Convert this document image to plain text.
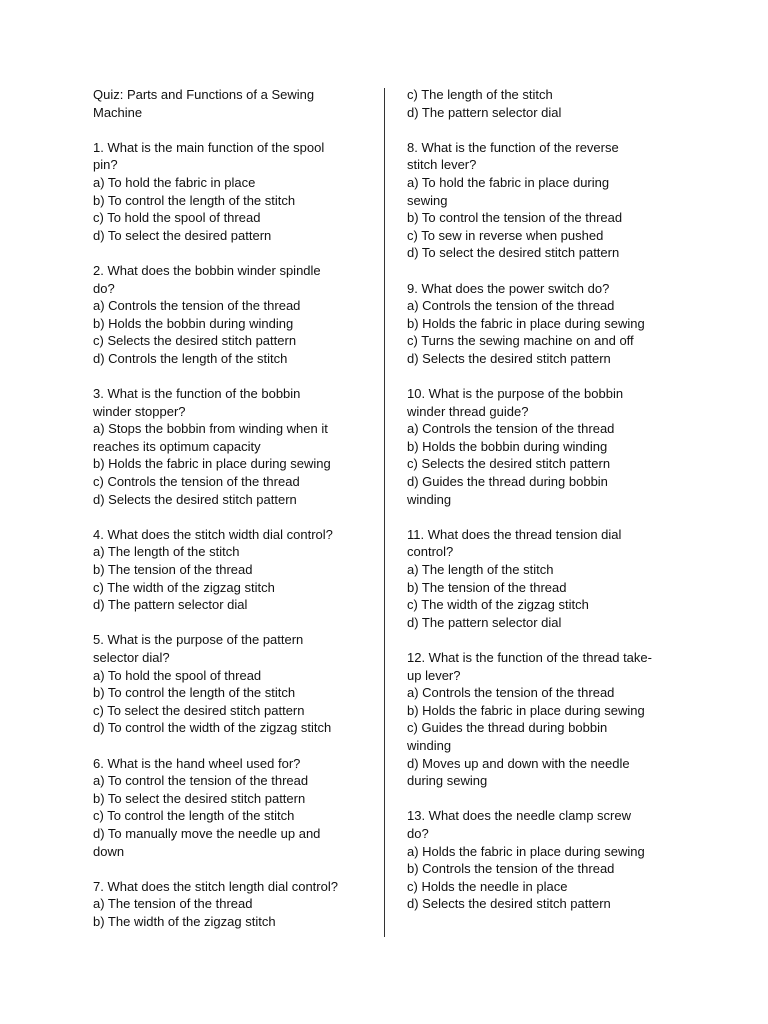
Quiz: Parts and Functions of a Sewing
Machine
1. What is the main function of the spool
pin?
a) To hold the fabric in place
b) To control the length of the stitch
c) To hold the spool of thread
d) To select the desired pattern
2. What does the bobbin winder spindle
do?
a) Controls the tension of the thread
b) Holds the bobbin during winding
c) Selects the desired stitch pattern
d) Controls the length of the stitch
3. What is the function of the bobbin
winder stopper?
a) Stops the bobbin from winding when it
reaches its optimum capacity
b) Holds the fabric in place during sewing
c) Controls the tension of the thread
d) Selects the desired stitch pattern
4. What does the stitch width dial control?
a) The length of the stitch
b) The tension of the thread
c) The width of the zigzag stitch
d) The pattern selector dial
5. What is the purpose of the pattern
selector dial?
a) To hold the spool of thread
b) To control the length of the stitch
c) To select the desired stitch pattern
d) To control the width of the zigzag stitch
6. What is the hand wheel used for?
a) To control the tension of the thread
b) To select the desired stitch pattern
c) To control the length of the stitch
d) To manually move the needle up and
down
7. What does the stitch length dial control?
a) The tension of the thread
b) The width of the zigzag stitch
c) The length of the stitch
d) The pattern selector dial
8. What is the function of the reverse
stitch lever?
a) To hold the fabric in place during
sewing
b) To control the tension of the thread
c) To sew in reverse when pushed
d) To select the desired stitch pattern
9. What does the power switch do?
a) Controls the tension of the thread
b) Holds the fabric in place during sewing
c) Turns the sewing machine on and off
d) Selects the desired stitch pattern
10. What is the purpose of the bobbin
winder thread guide?
a) Controls the tension of the thread
b) Holds the bobbin during winding
c) Selects the desired stitch pattern
d) Guides the thread during bobbin
winding
11. What does the thread tension dial
control?
a) The length of the stitch
b) The tension of the thread
c) The width of the zigzag stitch
d) The pattern selector dial
12. What is the function of the thread take-
up lever?
a) Controls the tension of the thread
b) Holds the fabric in place during sewing
c) Guides the thread during bobbin
winding
d) Moves up and down with the needle
during sewing
13. What does the needle clamp screw
do?
a) Holds the fabric in place during sewing
b) Controls the tension of the thread
c) Holds the needle in place
d) Selects the desired stitch pattern
